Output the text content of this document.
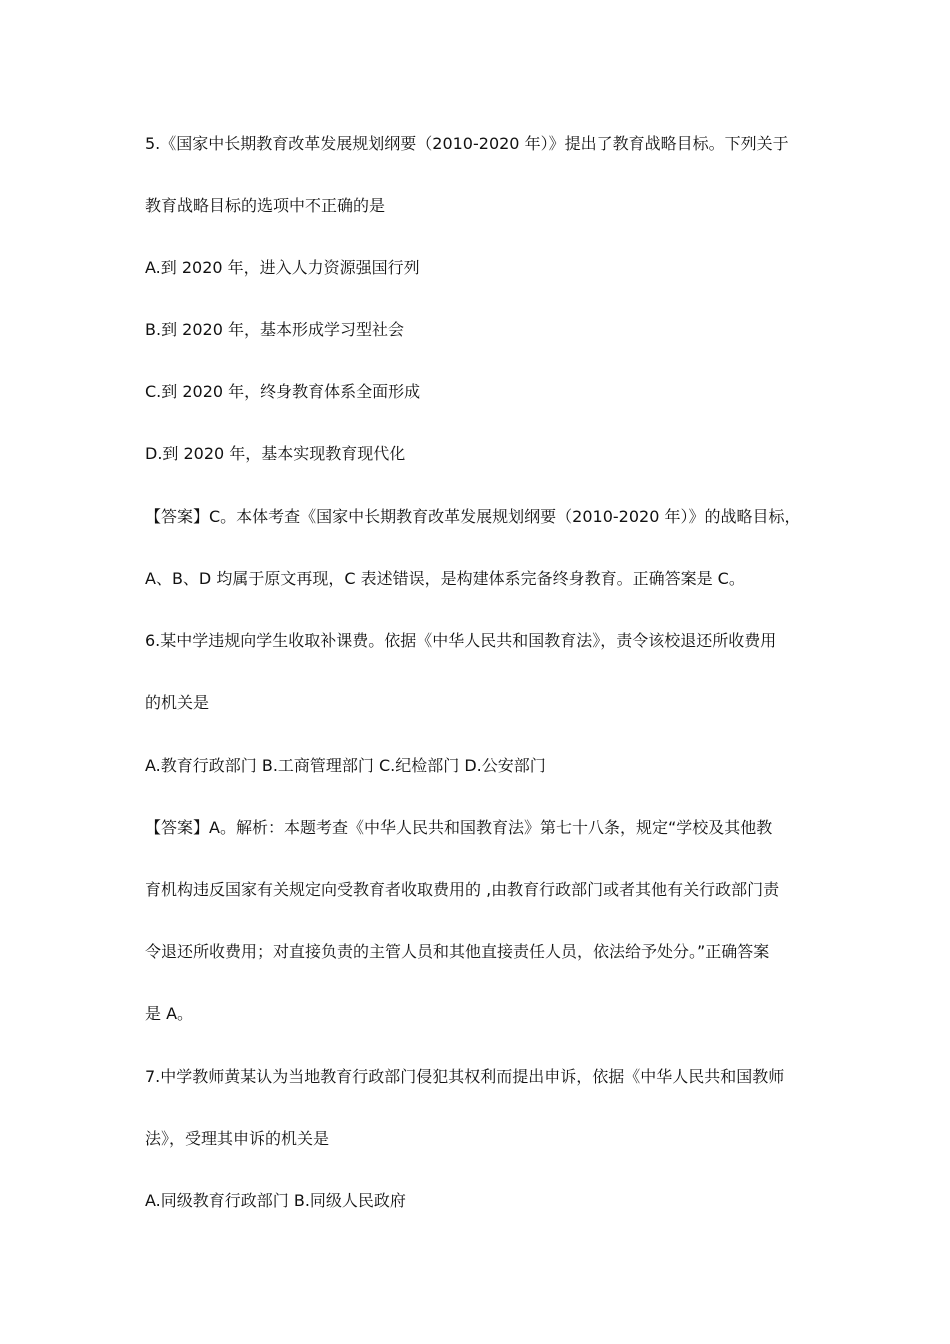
5.《国家中长期教育改革发展规划纲要（2010-2020 年）》提出了教育战略目标。下列关于
教育战略目标的选项中不正确的是
A.到 2020 年，进入人力资源强国行列
B.到 2020 年，基本形成学习型社会
C.到 2020 年，终身教育体系全面形成
D.到 2020 年，基本实现教育现代化
【答案】C。本体考查《国家中长期教育改革发展规划纲要（2010-2020 年）》的战略目标，
A、B、D 均属于原文再现，C 表述错误，是构建体系完备终身教育。正确答案是 C。
6.某中学违规向学生收取补课费。依据《中华人民共和国教育法》，责令该校退还所收费用
的机关是
A.教育行政部门 B.工商管理部门 C.纪检部门 D.公安部门
【答案】A。解析：本题考查《中华人民共和国教育法》第七十八条，规定“学校及其他教
育机构违反国家有关规定向受教育者收取费用的 ,由教育行政部门或者其他有关行政部门责
令退还所收费用；对直接负责的主管人员和其他直接责任人员，依法给予处分。”正确答案
是 A。
7.中学教师黄某认为当地教育行政部门侵犯其权利而提出申诉，依据《中华人民共和国教师
法》，受理其申诉的机关是
A.同级教育行政部门 B.同级人民政府
